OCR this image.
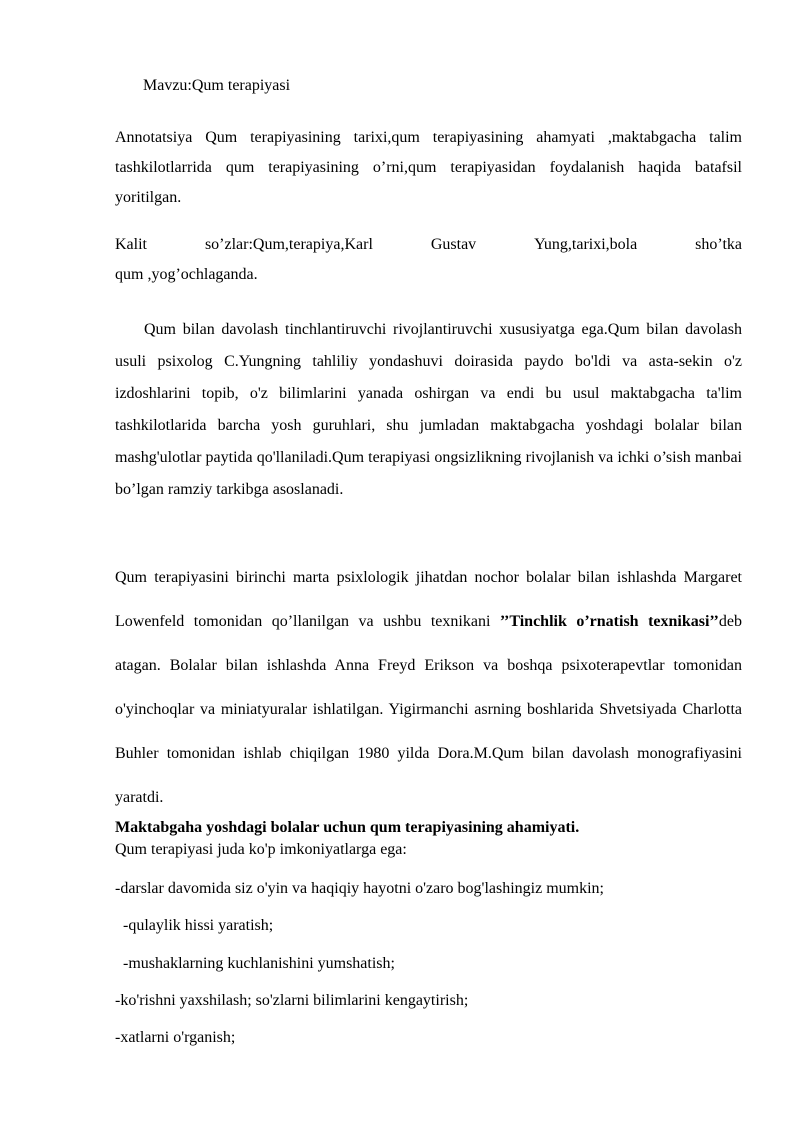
Mavzu:Qum terapiyasi

Annotatsiya Qum terapiyasining tarixi,qum terapiyasining ahamyati ,maktabgacha talim tashkilotlarrida qum terapiyasining o’rni,qum terapiyasidan foydalanish haqida batafsil yoritilgan.

Kalit	so’zlar:Qum,terapiya,Karl	Gustav	Yung,tarixi,bola	sho’tka
qum ,yog’ochlaganda.

Qum bilan davolash tinchlantiruvchi rivojlantiruvchi xususiyatga ega.Qum bilan davolash usuli psixolog C.Yungning tahliliy yondashuvi doirasida paydo bo'ldi va asta-sekin o'z izdoshlarini topib, o'z bilimlarini yanada oshirgan va endi bu usul maktabgacha ta'lim tashkilotlarida barcha yosh guruhlari, shu jumladan maktabgacha yoshdagi bolalar bilan mashg'ulotlar paytida qo'llaniladi.Qum terapiyasi ongsizlikning rivojlanish va ichki o’sish manbai bo’lgan ramziy tarkibga asoslanadi.

Qum terapiyasini birinchi marta psixlologik jihatdan nochor bolalar bilan ishlashda Margaret Lowenfeld tomonidan qo’llanilgan va ushbu texnikani ’’Tinchlik o’rnatish texnikasi’’deb atagan. Bolalar bilan ishlashda Anna Freyd Erikson va boshqa psixoterapevtlar tomonidan o'yinchoqlar va miniatyuralar ishlatilgan. Yigirmanchi asrning boshlarida Shvetsiyada Charlotta Buhler tomonidan ishlab chiqilgan 1980 yilda Dora.M.Qum bilan davolash monografiyasini yaratdi.

Maktabgaha yoshdagi bolalar uchun qum terapiyasining ahamiyati.
Qum terapiyasi juda ko'p imkoniyatlarga ega:
-darslar davomida siz o'yin va haqiqiy hayotni o'zaro bog'lashingiz mumkin;
-qulaylik hissi yaratish;
-mushaklarning kuchlanishini yumshatish;
-ko'rishni yaxshilash; so'zlarni bilimlarini kengaytirish;
-xatlarni o'rganish;
